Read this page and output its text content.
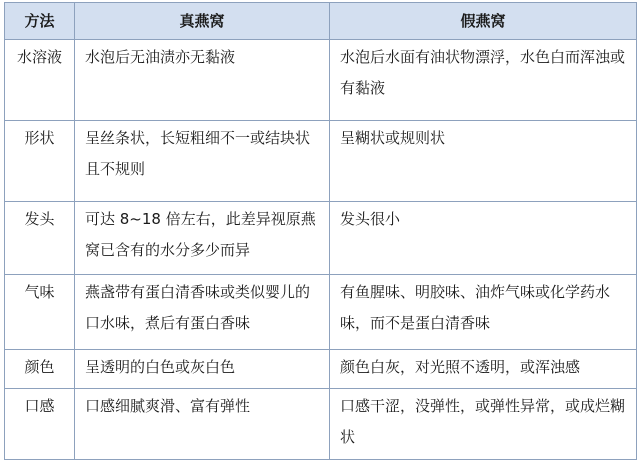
方法	真燕窝	假燕窝
水溶液	水泡后无油渍亦无黏液	水泡后水面有油状物漂浮，水色白而浑浊或有黏液
形状	呈丝条状，长短粗细不一或结块状且不规则	呈糊状或规则状
发头	可达 8~18 倍左右，此差异视原燕窝已含有的水分多少而异	发头很小
气味	燕盏带有蛋白清香味或类似婴儿的口水味，煮后有蛋白香味	有鱼腥味、明胶味、油炸气味或化学药水味，而不是蛋白清香味
颜色	呈透明的白色或灰白色	颜色白灰，对光照不透明，或浑浊感
口感	口感细腻爽滑、富有弹性	口感干涩，没弹性，或弹性异常，或成烂糊状
